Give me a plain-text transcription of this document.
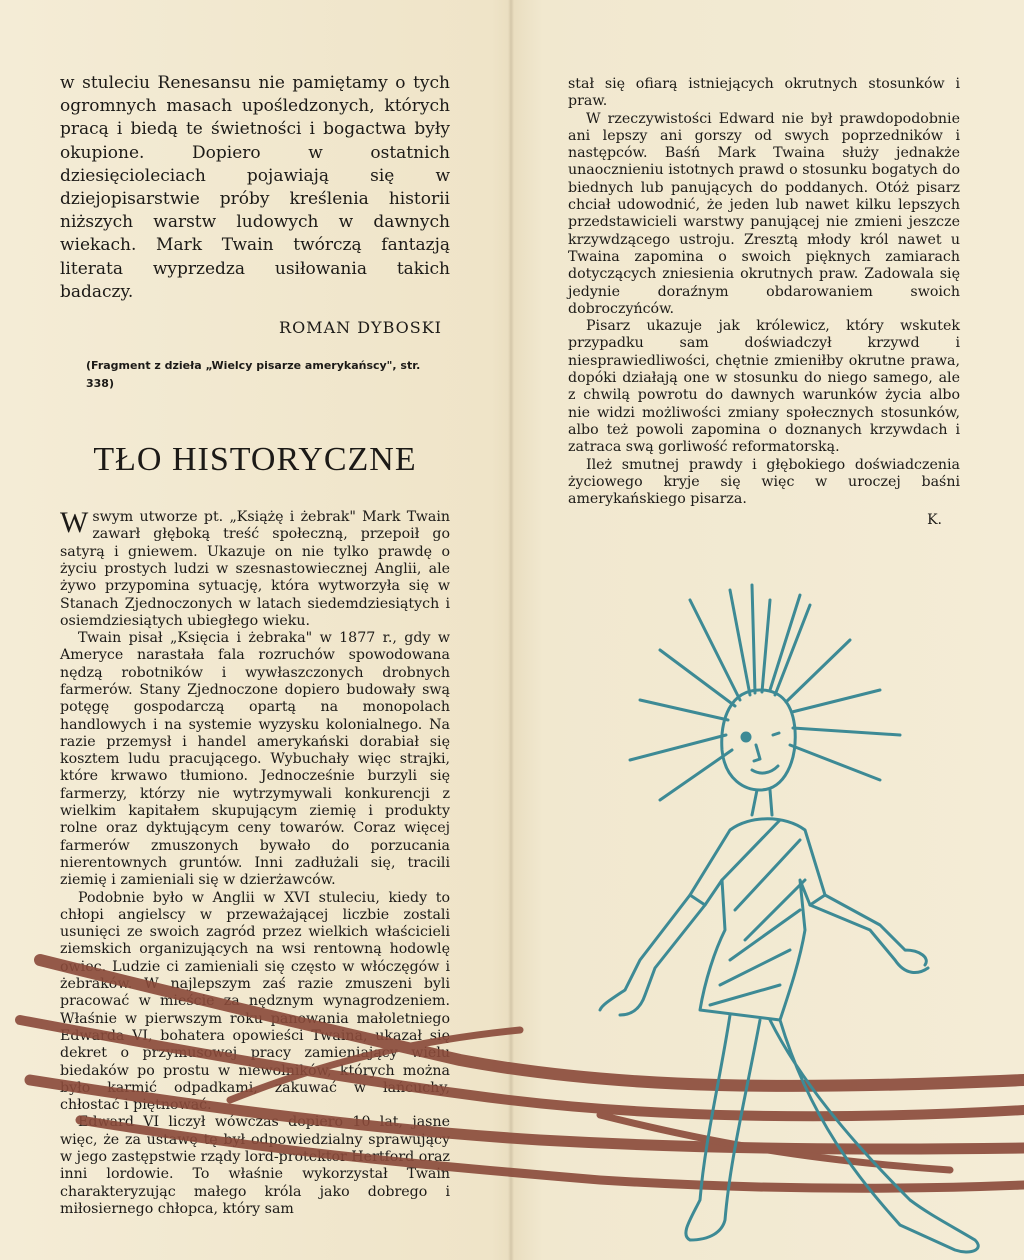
w stuleciu Renesansu nie pamiętamy o tych ogromnych masach upośledzonych, których pracą i biedą te świetności i bogactwa były okupione. Dopiero w ostatnich dziesięcioleciach pojawiają się w dziejopisarstwie próby kreślenia historii niższych warstw ludowych w dawnych wiekach. Mark Twain twórczą fantazją literata wyprzedza usiłowania takich badaczy.

ROMAN DYBOSKI
(Fragment z dzieła „Wielcy pisarze amerykańscy", str. 338)
TŁO HISTORYCZNE

Wswym utworze pt. „Książę i żebrak" Mark Twain zawarł głęboką treść społeczną, przepoił go satyrą i gniewem. Ukazuje on nie tylko prawdę o życiu prostych ludzi w szesnastowiecznej Anglii, ale żywo przypomina sytuację, która wytworzyła się w Stanach Zjednoczonych w latach siedemdziesiątych i osiemdziesiątych ubiegłego wieku.

Twain pisał „Księcia i żebraka" w 1877 r., gdy w Ameryce narastała fala rozruchów spowodowana nędzą robotników i wywłaszczonych drobnych farmerów. Stany Zjednoczone dopiero budowały swą potęgę gospodarczą opartą na monopolach handlowych i na systemie wyzysku kolonialnego. Na razie przemysł i handel amerykański dorabiał się kosztem ludu pracującego. Wybuchały więc strajki, które krwawo tłumiono. Jednocześnie burzyli się farmerzy, którzy nie wytrzymywali konkurencji z wielkim kapitałem skupującym ziemię i produkty rolne oraz dyktującym ceny towarów. Coraz więcej farmerów zmuszonych bywało do porzucania nierentownych gruntów. Inni zadłużali się, tracili ziemię i zamieniali się w dzierżawców.

Podobnie było w Anglii w XVI stuleciu, kiedy to chłopi angielscy w przeważającej liczbie zostali usunięci ze swoich zagród przez wielkich właścicieli ziemskich organizujących na wsi rentowną hodowlę owiec. Ludzie ci zamieniali się często w włóczęgów i żebraków. W najlepszym zaś razie zmuszeni byli pracować w mieście za nędznym wynagrodzeniem. Właśnie w pierwszym roku panowania małoletniego Edwarda VI, bohatera opowieści Twaina, ukazał się dekret o przymusowej pracy zamieniający wielu biedaków po prostu w niewolników, których można było karmić odpadkami, zakuwać w łańcuchy, chłostać i piętnować.

Edward VI liczył wówczas dopiero 10 lat, jasne więc, że za ustawę tę był odpowiedzialny sprawujący w jego zastępstwie rządy lord-protektor Hertford oraz inni lordowie. To właśnie wykorzystał Twain charakteryzując małego króla jako dobrego i miłosiernego chłopca, który sam

stał się ofiarą istniejących okrutnych stosunków i praw.

W rzeczywistości Edward nie był prawdopodobnie ani lepszy ani gorszy od swych poprzedników i następców. Baśń Mark Twaina służy jednakże unaocznieniu istotnych prawd o stosunku bogatych do biednych lub panujących do poddanych. Otóż pisarz chciał udowodnić, że jeden lub nawet kilku lepszych przedstawicieli warstwy panującej nie zmieni jeszcze krzywdzącego ustroju. Zresztą młody król nawet u Twaina zapomina o swoich pięknych zamiarach dotyczących zniesienia okrutnych praw. Zadowala się jedynie doraźnym obdarowaniem swoich dobroczyńców.

Pisarz ukazuje jak królewicz, który wskutek przypadku sam doświadczył krzywd i niesprawiedliwości, chętnie zmieniłby okrutne prawa, dopóki działają one w stosunku do niego samego, ale z chwilą powrotu do dawnych warunków życia albo nie widzi możliwości zmiany społecznych stosunków, albo też powoli zapomina o doznanych krzywdach i zatraca swą gorliwość reformatorską.

Ileż smutnej prawdy i głębokiego doświadczenia życiowego kryje się więc w uroczej baśni amerykańskiego pisarza.

K.
